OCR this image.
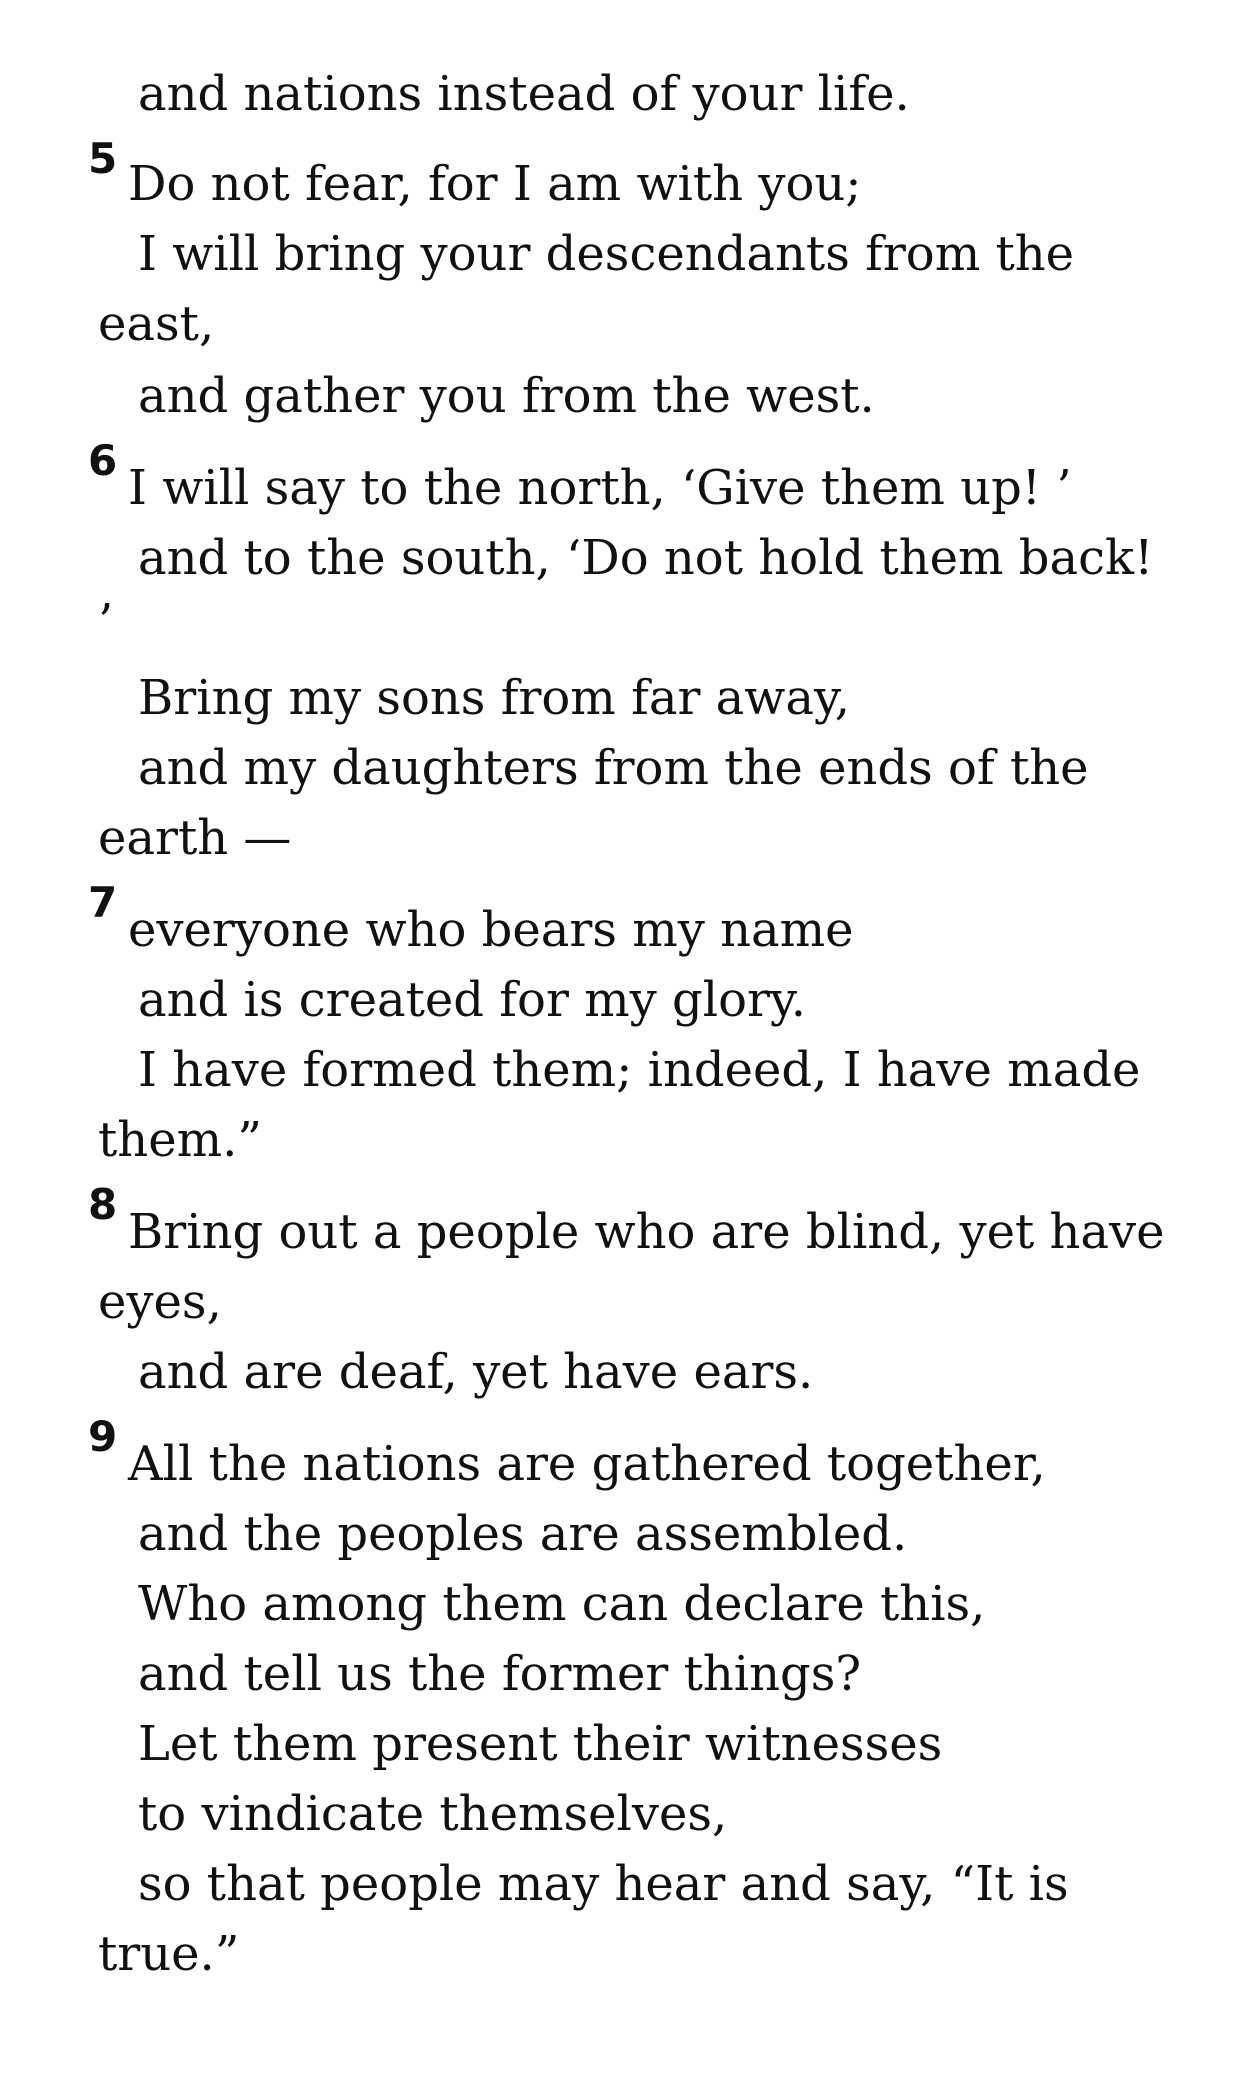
and nations instead of your life.
5 Do not fear, for I am with you;
I will bring your descendants from the
east,
and gather you from the west.
6 I will say to the north, ‘Give them up! ’
and to the south, ‘Do not hold them back!
’
Bring my sons from far away,
and my daughters from the ends of the
earth —
7 everyone who bears my name
and is created for my glory.
I have formed them; indeed, I have made
them.”
8 Bring out a people who are blind, yet have
eyes,
and are deaf, yet have ears.
9 All the nations are gathered together,
and the peoples are assembled.
Who among them can declare this,
and tell us the former things?
Let them present their witnesses
to vindicate themselves,
so that people may hear and say, “It is
true.”
